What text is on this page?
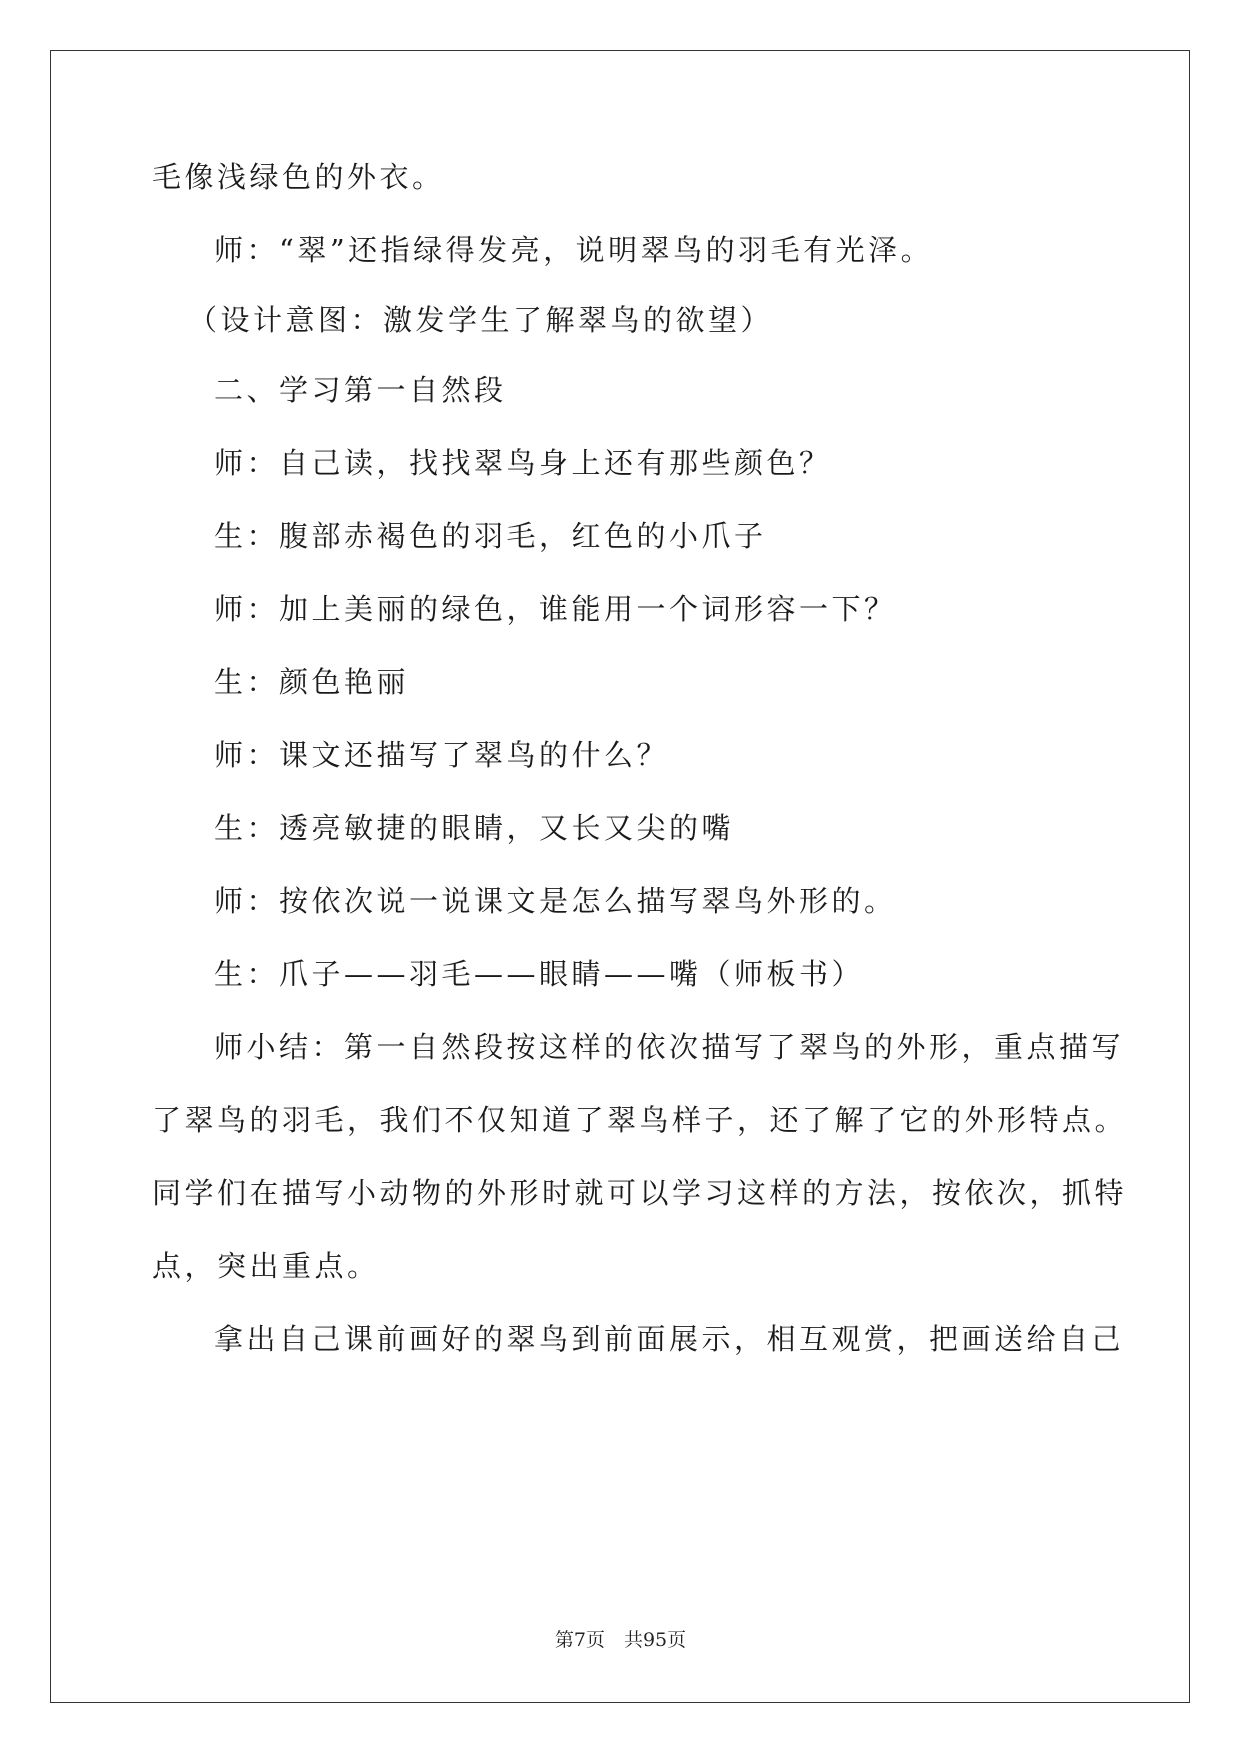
毛像浅绿色的外衣。
师：“翠”还指绿得发亮，说明翠鸟的羽毛有光泽。
（设计意图：激发学生了解翠鸟的欲望）
二、学习第一自然段
师：自己读，找找翠鸟身上还有那些颜色？
生：腹部赤褐色的羽毛，红色的小爪子
师：加上美丽的绿色，谁能用一个词形容一下？
生：颜色艳丽
师：课文还描写了翠鸟的什么？
生：透亮敏捷的眼睛，又长又尖的嘴
师：按依次说一说课文是怎么描写翠鸟外形的。
生：爪子——羽毛——眼睛——嘴（师板书）
师小结：第一自然段按这样的依次描写了翠鸟的外形，重点描写
了翠鸟的羽毛，我们不仅知道了翠鸟样子，还了解了它的外形特点。
同学们在描写小动物的外形时就可以学习这样的方法，按依次，抓特
点，突出重点。
拿出自己课前画好的翠鸟到前面展示，相互观赏，把画送给自己
第7页　共95页
